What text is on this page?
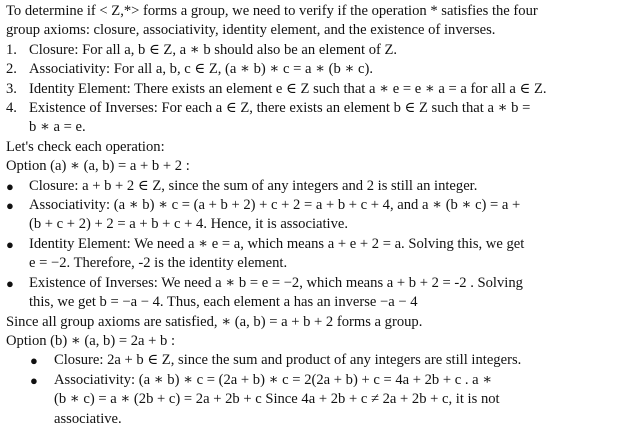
To determine if < Z,*> forms a group, we need to verify if the operation * satisfies the four
group axioms: closure, associativity, identity element, and the existence of inverses.
1. Closure: For all a, b ∈ Z, a ∗ b should also be an element of Z.
2. Associativity: For all a, b, c ∈ Z, (a ∗ b) ∗ c = a ∗ (b ∗ c).
3. Identity Element: There exists an element e ∈ Z such that a ∗ e = e ∗ a = a for all a ∈ Z.
4. Existence of Inverses: For each a ∈ Z, there exists an element b ∈ Z such that a ∗ b =
b ∗ a = e.
Let's check each operation:
Option (a) ∗ (a, b) = a + b + 2 :
●	Closure: a + b + 2 ∈ Z, since the sum of any integers and 2 is still an integer.
●	Associativity: (a ∗ b) ∗ c = (a + b + 2) + c + 2 = a + b + c + 4, and a ∗ (b ∗ c) = a +
(b + c + 2) + 2 = a + b + c + 4. Hence, it is associative.
●	Identity Element: We need a ∗ e = a, which means a + e + 2 = a. Solving this, we get
e = −2. Therefore, -2 is the identity element.
●	Existence of Inverses: We need a ∗ b = e = −2, which means a + b + 2 = -2 . Solving
this, we get b = −a − 4. Thus, each element a has an inverse −a − 4
Since all group axioms are satisfied, ∗ (a, b) = a + b + 2 forms a group.
Option (b) ∗ (a, b) = 2a + b :
●	Closure: 2a + b ∈ Z, since the sum and product of any integers are still integers.
●	Associativity: (a ∗ b) ∗ c = (2a + b) ∗ c = 2(2a + b) + c = 4a + 2b + c . a ∗
(b ∗ c) = a ∗ (2b + c) = 2a + 2b + c Since 4a + 2b + c ≠ 2a + 2b + c, it is not
associative.
